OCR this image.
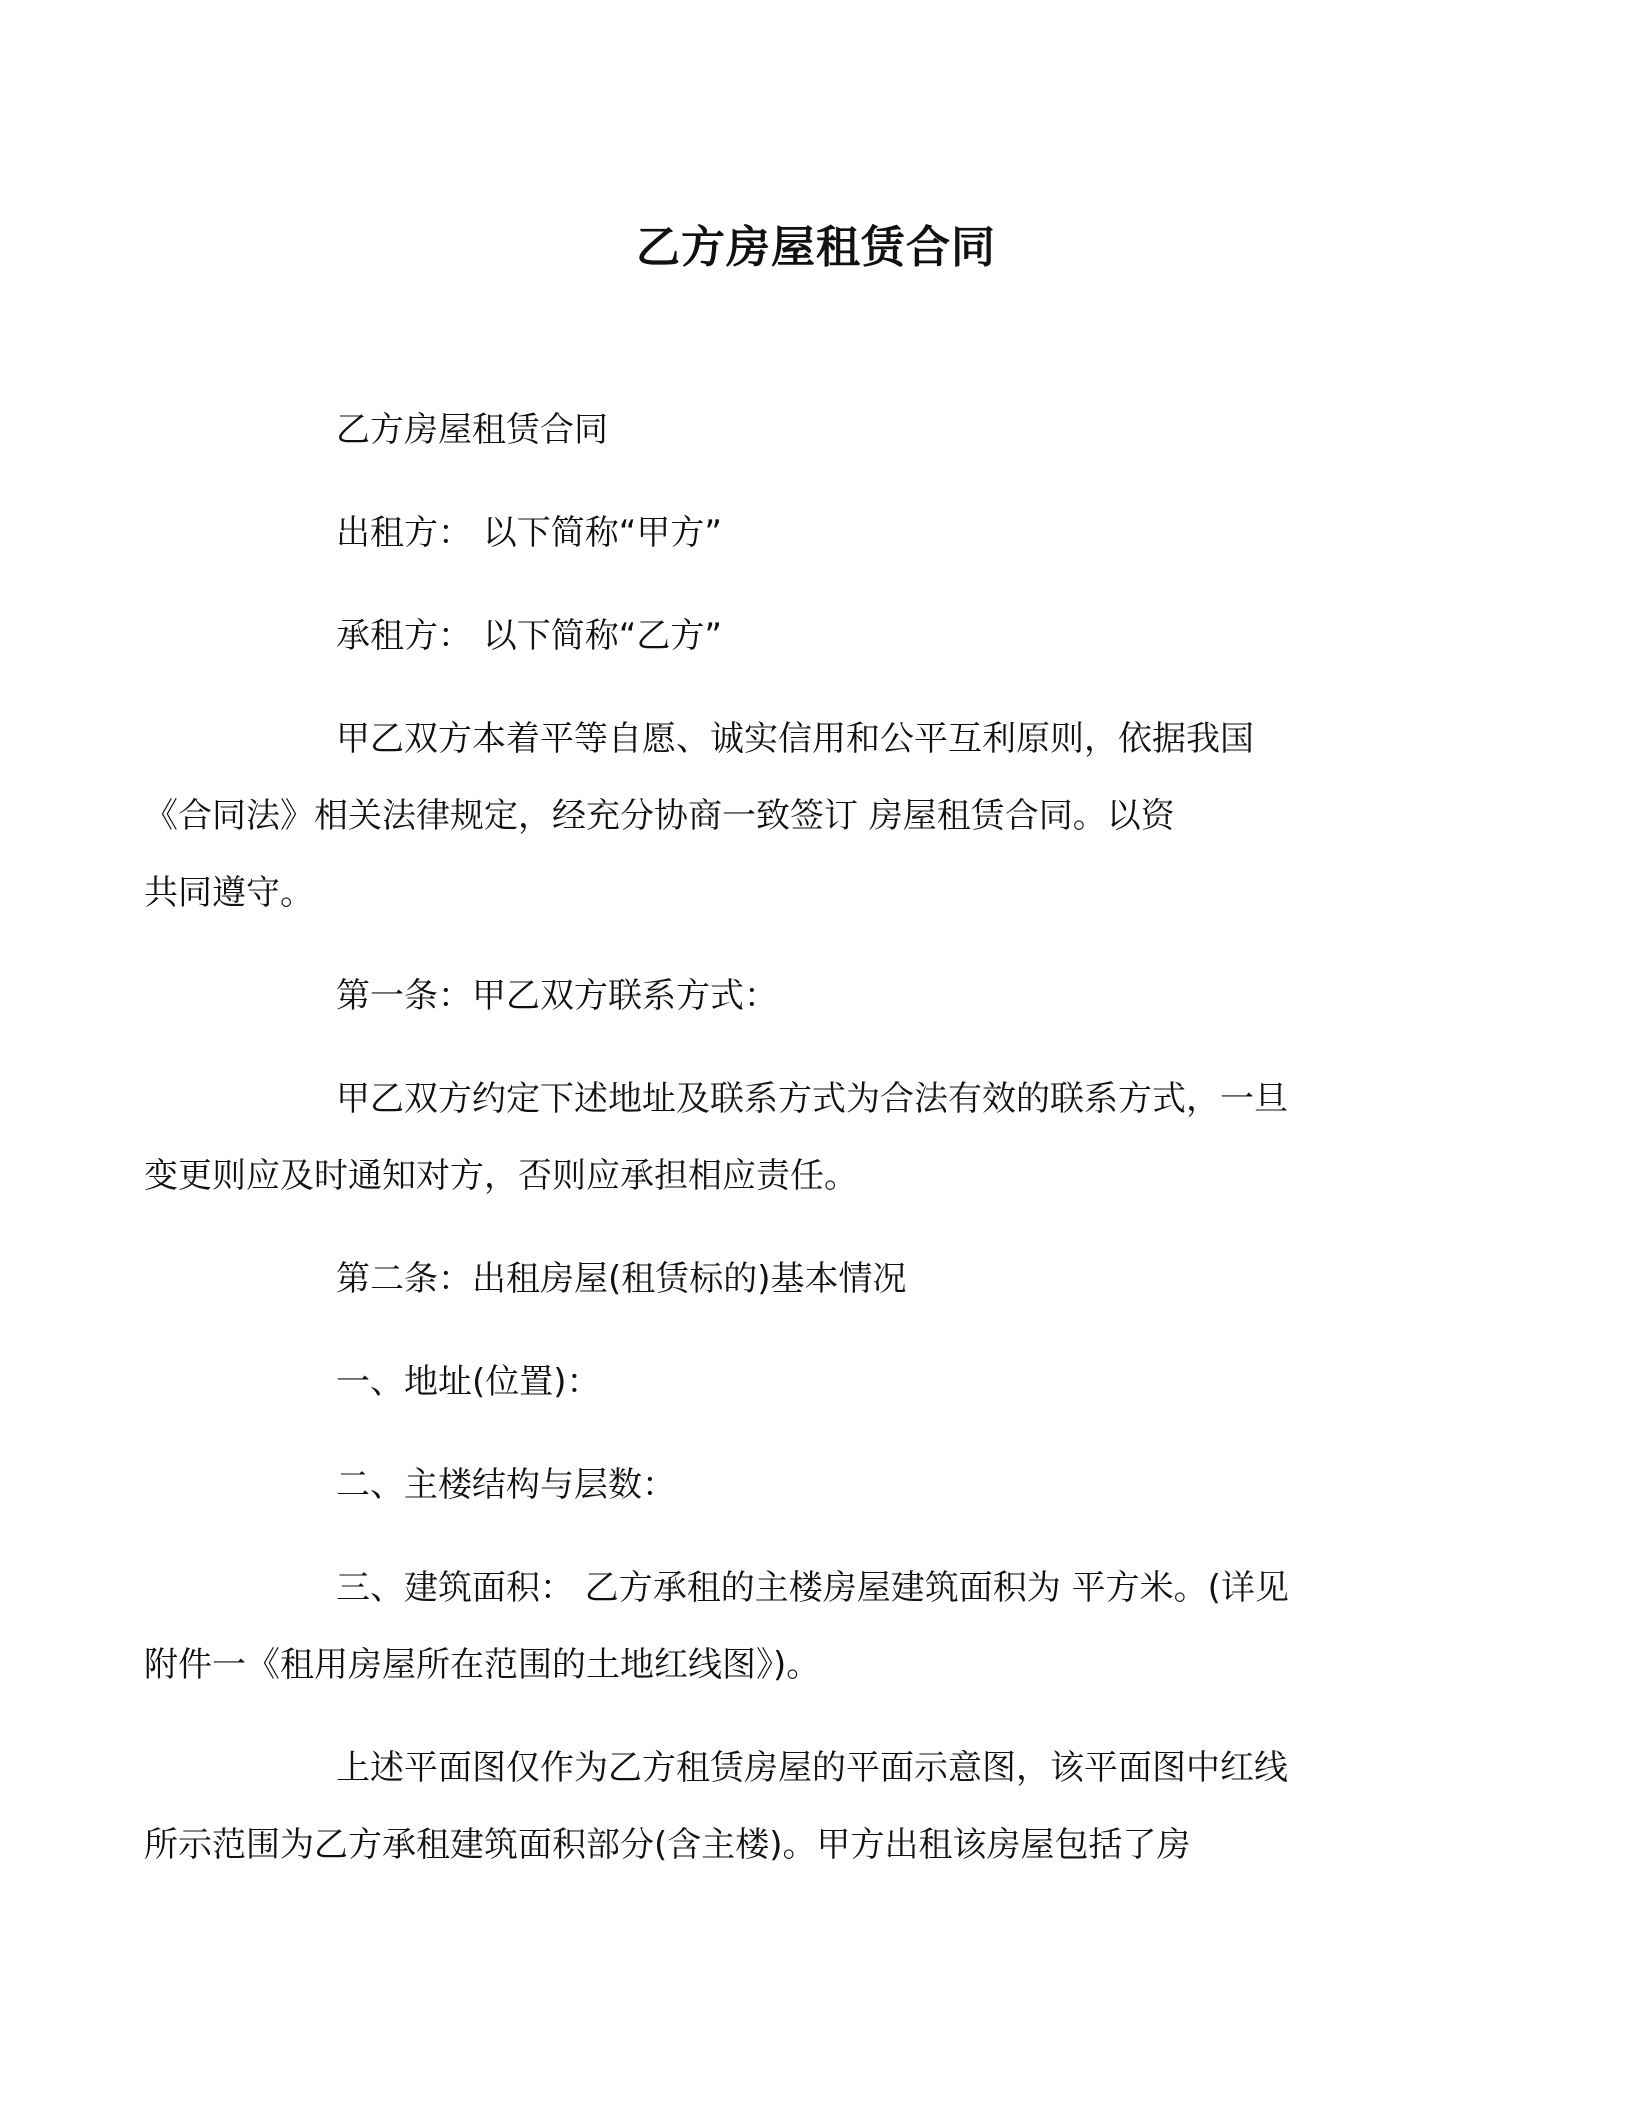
乙方房屋租赁合同

乙方房屋租赁合同

出租方： 以下简称“甲方”

承租方： 以下简称“乙方”

甲乙双方本着平等自愿、诚实信用和公平互利原则，依据我国
《合同法》相关法律规定，经充分协商一致签订 房屋租赁合同。以资
共同遵守。

第一条：甲乙双方联系方式：

甲乙双方约定下述地址及联系方式为合法有效的联系方式，一旦
变更则应及时通知对方，否则应承担相应责任。

第二条：出租房屋(租赁标的)基本情况

一、地址(位置)：

二、主楼结构与层数：

三、建筑面积： 乙方承租的主楼房屋建筑面积为 平方米。(详见
附件一《租用房屋所在范围的土地红线图》)。
上述平面图仅作为乙方租赁房屋的平面示意图，该平面图中红线
所示范围为乙方承租建筑面积部分(含主楼)。甲方出租该房屋包括了房
